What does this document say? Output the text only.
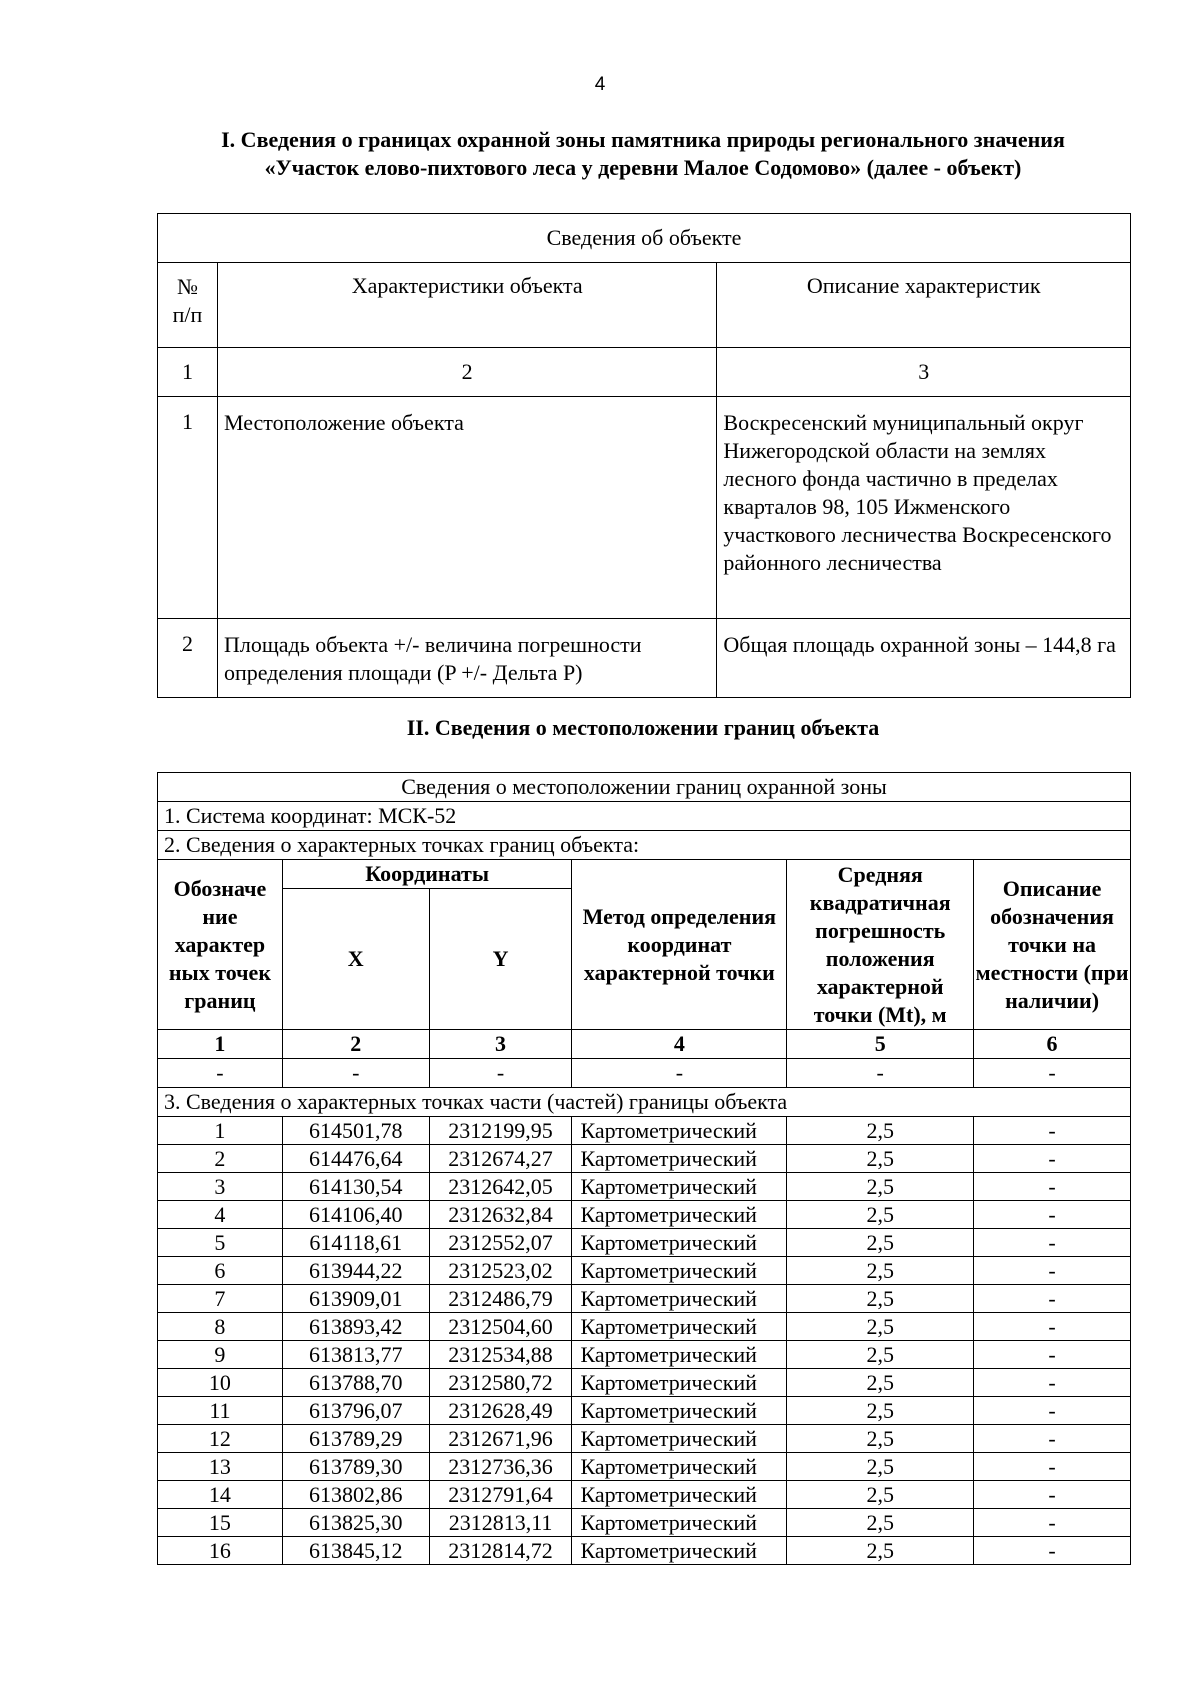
4
I. Сведения о границах охранной зоны памятника природы регионального значения
«Участок елово-пихтового леса у деревни Малое Содомово» (далее - объект)
Сведения об объекте		
№ п/п	Характеристики объекта	Описание характеристик
1	2	3
1	Местоположение объекта	Воскресенский муниципальный округ Нижегородской области на землях лесного фонда частично в пределах кварталов 98, 105 Ижменского участкового лесничества Воскресенского районного лесничества
2	Площадь объекта +/- величина погрешности определения площади (P +/- Дельта P)	Общая площадь охранной зоны – 144,8 га
II. Сведения о местоположении границ объекта
Сведения о местоположении границ охранной зоны					
1. Система координат: МСК-52					
2. Сведения о характерных точках границ объекта:					
Обозначе ние характер ных точек границ	Координаты		Метод определения координат характерной точки	Средняя квадратичная погрешность положения характерной точки (Mt), м	Описание обозначения точки на местности (при наличии)
	X	Y			
1	2	3	4	5	6
-	-	-	-	-	-
3. Сведения о характерных точках части (частей) границы объекта					
1	614501,78	2312199,95	Картометрический	2,5	-
2	614476,64	2312674,27	Картометрический	2,5	-
3	614130,54	2312642,05	Картометрический	2,5	-
4	614106,40	2312632,84	Картометрический	2,5	-
5	614118,61	2312552,07	Картометрический	2,5	-
6	613944,22	2312523,02	Картометрический	2,5	-
7	613909,01	2312486,79	Картометрический	2,5	-
8	613893,42	2312504,60	Картометрический	2,5	-
9	613813,77	2312534,88	Картометрический	2,5	-
10	613788,70	2312580,72	Картометрический	2,5	-
11	613796,07	2312628,49	Картометрический	2,5	-
12	613789,29	2312671,96	Картометрический	2,5	-
13	613789,30	2312736,36	Картометрический	2,5	-
14	613802,86	2312791,64	Картометрический	2,5	-
15	613825,30	2312813,11	Картометрический	2,5	-
16	613845,12	2312814,72	Картометрический	2,5	-
